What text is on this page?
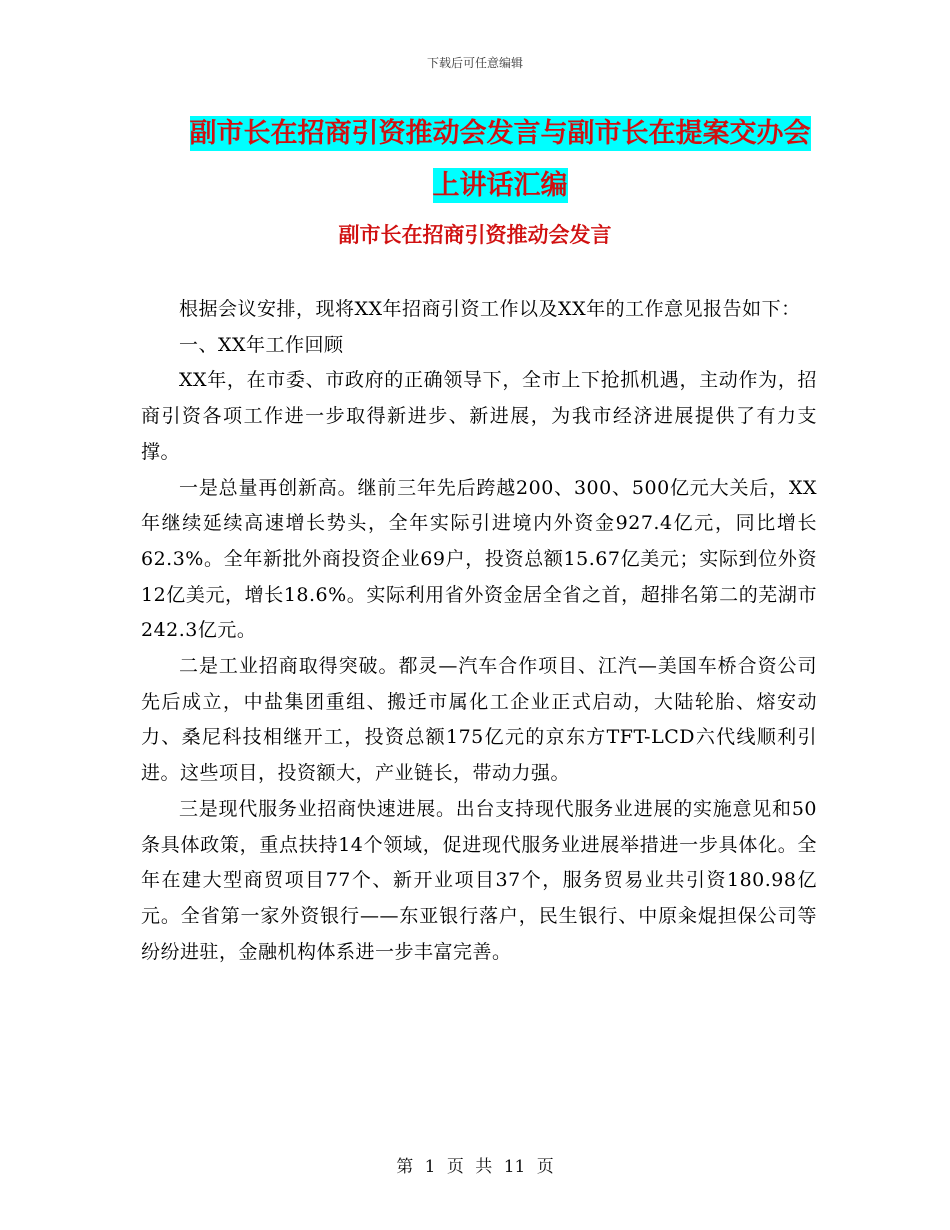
下载后可任意编辑
副市长在招商引资推动会发言与副市长在提案交办会
上讲话汇编
副市长在招商引资推动会发言

根据会议安排，现将XX年招商引资工作以及XX年的工作意见报告如下：

一、XX年工作回顾

XX年，在市委、市政府的正确领导下，全市上下抢抓机遇，主动作为，招商引资各项工作进一步取得新进步、新进展，为我市经济进展提供了有力支撑。

一是总量再创新高。继前三年先后跨越200、300、500亿元大关后，XX年继续延续高速增长势头，全年实际引进境内外资金927.4亿元，同比增长62.3%。全年新批外商投资企业69户，投资总额15.67亿美元；实际到位外资12亿美元，增长18.6%。实际利用省外资金居全省之首，超排名第二的芜湖市242.3亿元。

二是工业招商取得突破。都灵—汽车合作项目、江汽—美国车桥合资公司先后成立，中盐集团重组、搬迁市属化工企业正式启动，大陆轮胎、熔安动力、桑尼科技相继开工，投资总额175亿元的京东方TFT-LCD六代线顺利引进。这些项目，投资额大，产业链长，带动力强。

三是现代服务业招商快速进展。出台支持现代服务业进展的实施意见和50条具体政策，重点扶持14个领域，促进现代服务业进展举措进一步具体化。全年在建大型商贸项目77个、新开业项目37个，服务贸易业共引资180.98亿元。全省第一家外资银行——东亚银行落户，民生银行、中原籴焜担保公司等纷纷进驻，金融机构体系进一步丰富完善。

第 1 页 共 11 页
